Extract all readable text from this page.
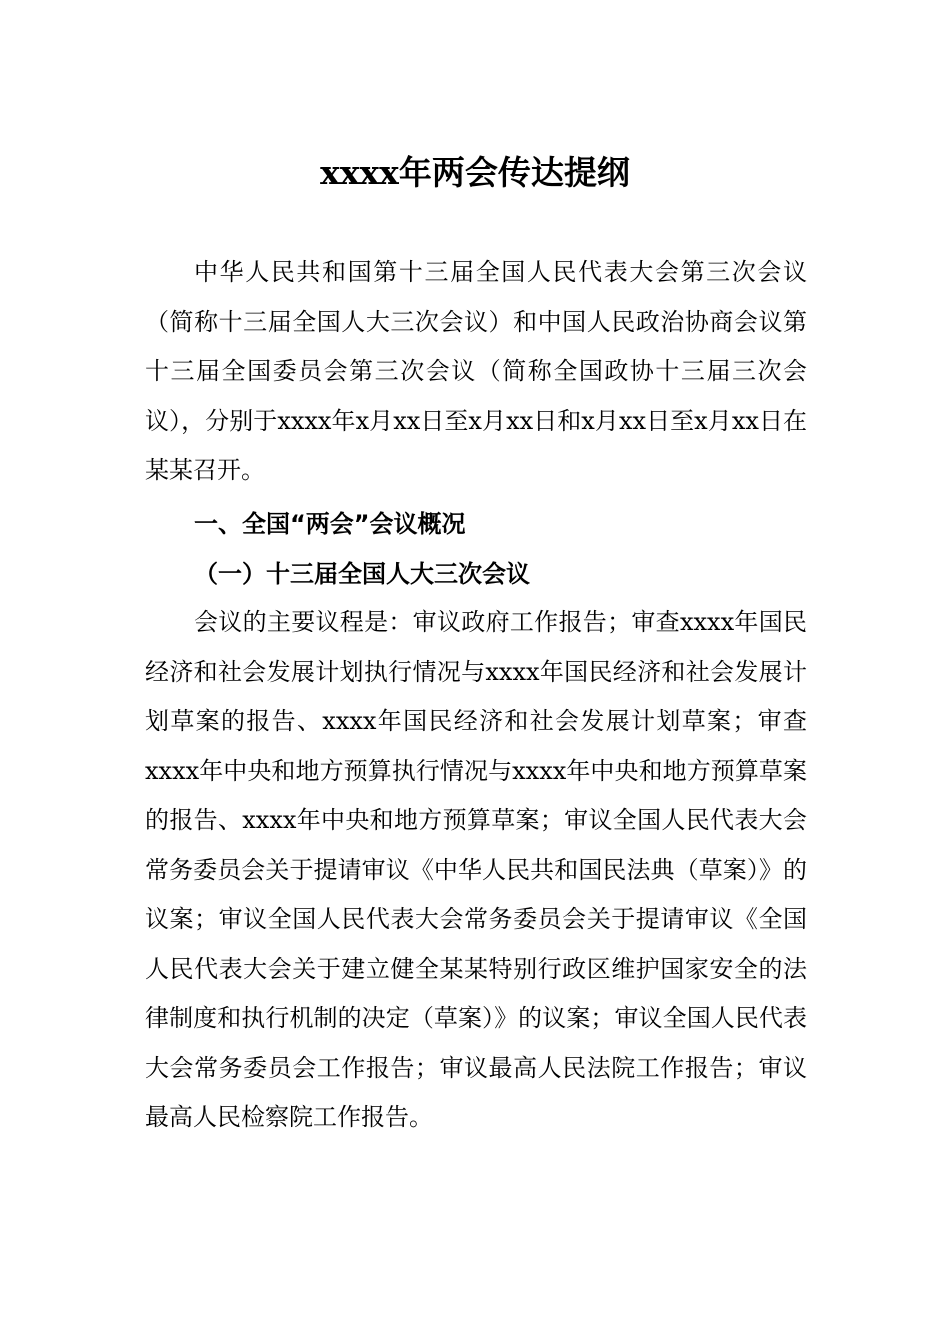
xxxx年两会传达提纲

中华人民共和国第十三届全国人民代表大会第三次会议（简称十三届全国人大三次会议）和中国人民政治协商会议第十三届全国委员会第三次会议（简称全国政协十三届三次会议），分别于xxxx年x月xx日至x月xx日和x月xx日至x月xx日在某某召开。

一、全国“两会”会议概况
（一）十三届全国人大三次会议

会议的主要议程是：审议政府工作报告；审查xxxx年国民经济和社会发展计划执行情况与xxxx年国民经济和社会发展计划草案的报告、xxxx年国民经济和社会发展计划草案；审查xxxx年中央和地方预算执行情况与xxxx年中央和地方预算草案的报告、xxxx年中央和地方预算草案；审议全国人民代表大会常务委员会关于提请审议《中华人民共和国民法典（草案）》的议案；审议全国人民代表大会常务委员会关于提请审议《全国人民代表大会关于建立健全某某特别行政区维护国家安全的法律制度和执行机制的决定（草案）》的议案；审议全国人民代表大会常务委员会工作报告；审议最高人民法院工作报告；审议最高人民检察院工作报告。
